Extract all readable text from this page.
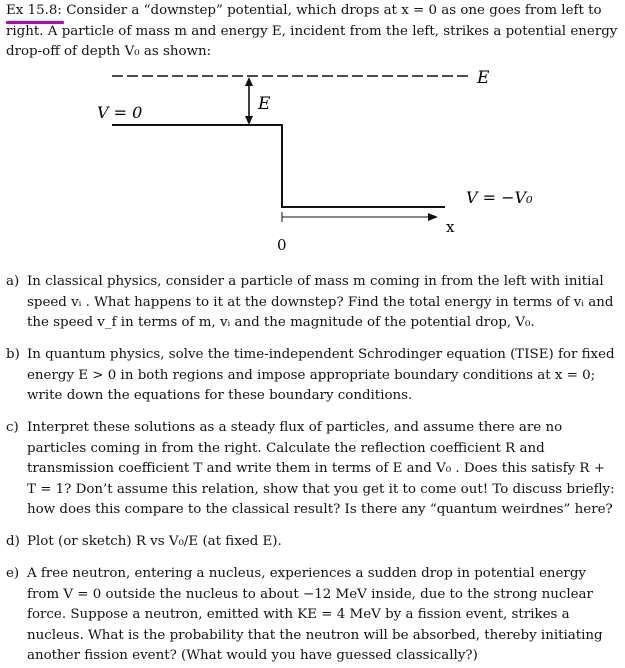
Ex 15.8: Consider a “downstep” potential, which drops at x = 0 as one goes from left to right. A particle of mass m and energy E, incident from the left, strikes a potential energy drop-off of depth V₀ as shown:
E
E
V = 0
V = −V₀
x
0
a) In classical physics, consider a particle of mass m coming in from the left with initial speed vᵢ . What happens to it at the downstep? Find the total energy in terms of vᵢ and the speed v_f in terms of m, vᵢ and the magnitude of the potential drop, V₀.
b) In quantum physics, solve the time-independent Schrodinger equation (TISE) for fixed energy E > 0 in both regions and impose appropriate boundary conditions at x = 0; write down the equations for these boundary conditions.
c) Interpret these solutions as a steady flux of particles, and assume there are no particles coming in from the right. Calculate the reflection coefficient R and transmission coefficient T and write them in terms of E and V₀ . Does this satisfy R + T = 1? Don’t assume this relation, show that you get it to come out! To discuss briefly: how does this compare to the classical result? Is there any “quantum weirdnes” here?
d) Plot (or sketch) R vs V₀/E (at fixed E).
e) A free neutron, entering a nucleus, experiences a sudden drop in potential energy from V = 0 outside the nucleus to about −12 MeV inside, due to the strong nuclear force. Suppose a neutron, emitted with KE = 4 MeV by a fission event, strikes a nucleus. What is the probability that the neutron will be absorbed, thereby initiating another fission event? (What would you have guessed classically?)
